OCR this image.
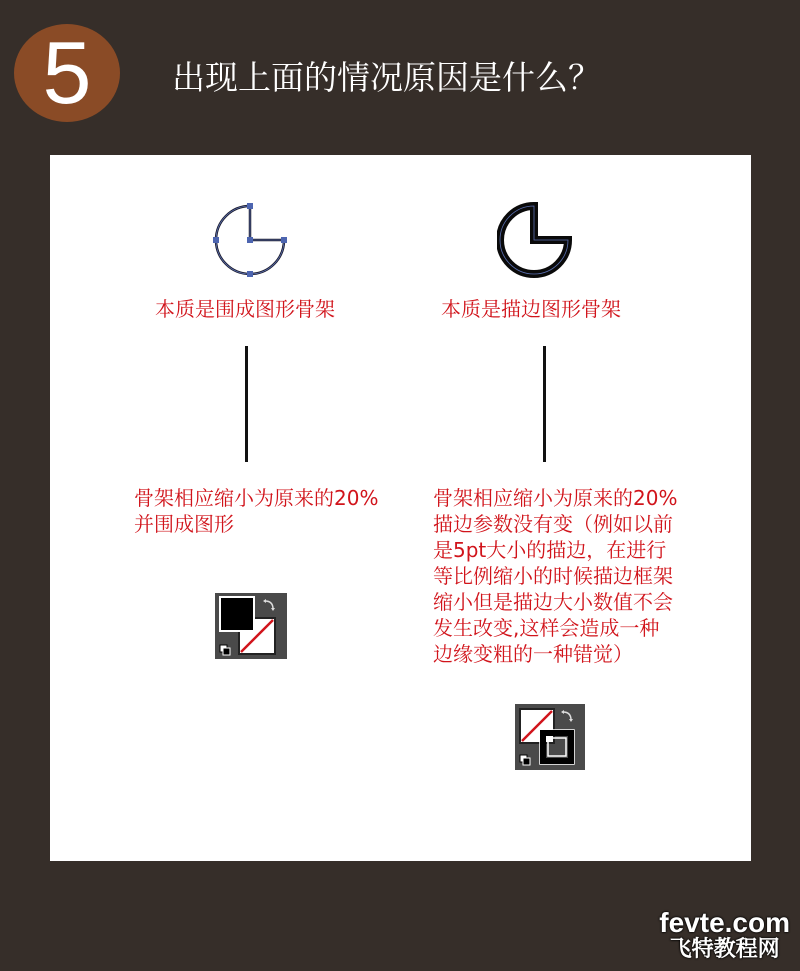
5	出现上面的情况原因是什么？
本质是围成图形骨架	本质是描边图形骨架
骨架相应缩小为原来的20%
并围成图形
骨架相应缩小为原来的20%
描边参数没有变（例如以前
是5pt大小的描边，在进行
等比例缩小的时候描边框架
缩小但是描边大小数值不会
发生改变,这样会造成一种
边缘变粗的一种错觉）
fevte.com
飞特教程网
